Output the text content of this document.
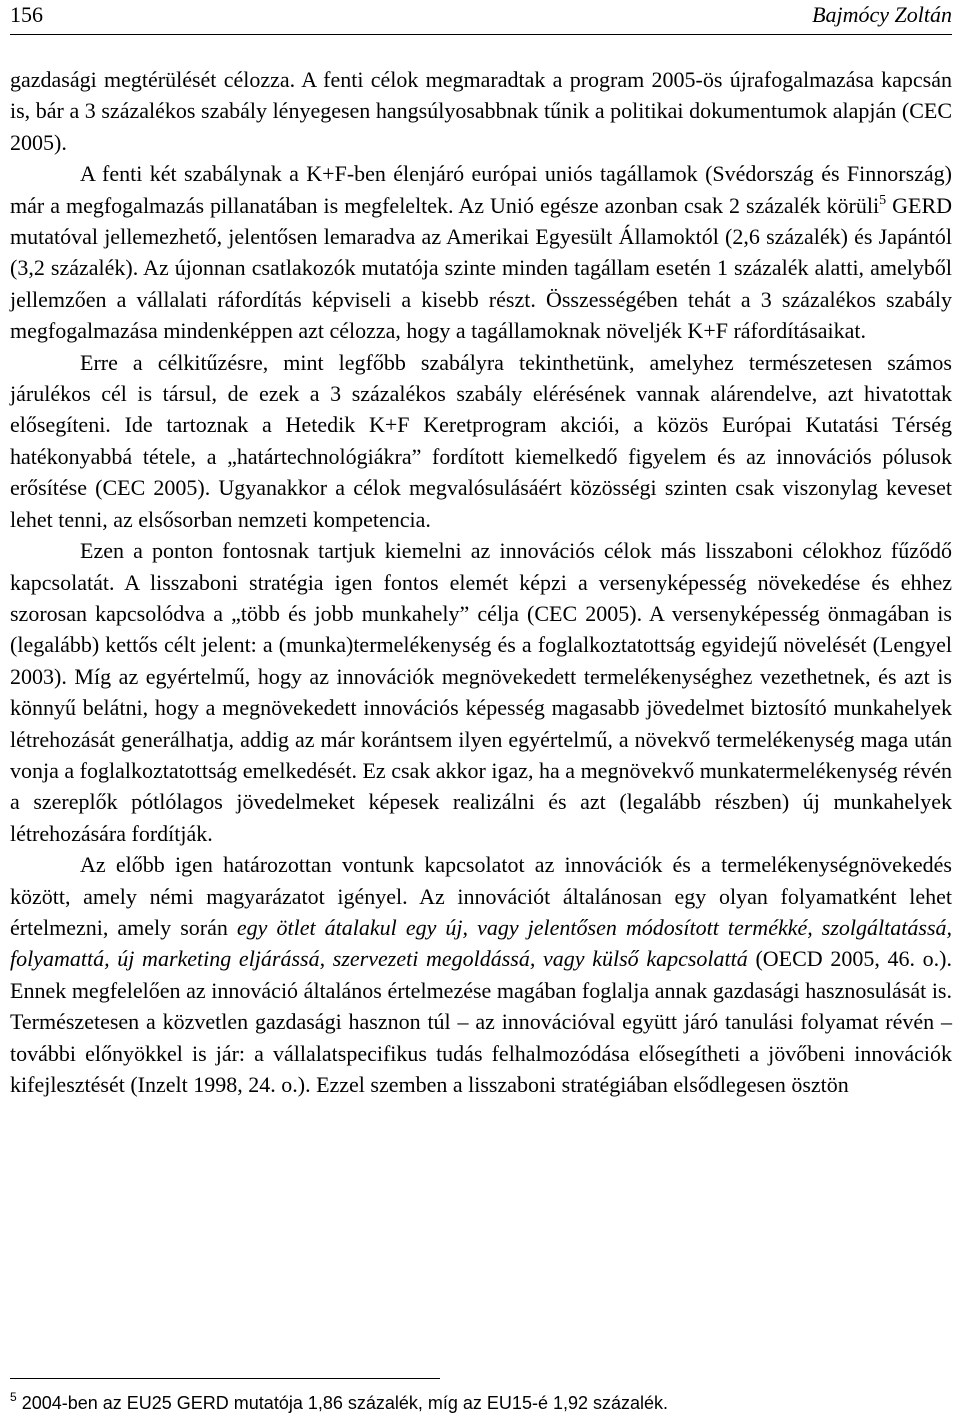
156	Bajmócy Zoltán

gazdasági megtérülését célozza. A fenti célok megmaradtak a program 2005-ös újrafogalmazása kapcsán is, bár a 3 százalékos szabály lényegesen hangsúlyosabbnak tűnik a politikai dokumentumok alapján (CEC 2005).

A fenti két szabálynak a K+F-ben élenjáró európai uniós tagállamok (Svédország és Finnország) már a megfogalmazás pillanatában is megfeleltek. Az Unió egésze azonban csak 2 százalék körüli$^5$ GERD mutatóval jellemezhető, jelentősen lemaradva az Amerikai Egyesült Államoktól (2,6 százalék) és Japántól (3,2 százalék). Az újonnan csatlakozók mutatója szinte minden tagállam esetén 1 százalék alatti, amelyből jellemzően a vállalati ráfordítás képviseli a kisebb részt. Összességében tehát a 3 százalékos szabály megfogalmazása mindenképpen azt célozza, hogy a tagállamoknak növeljék K+F ráfordításaikat.

Erre a célkitűzésre, mint legfőbb szabályra tekinthetünk, amelyhez természetesen számos járulékos cél is társul, de ezek a 3 százalékos szabály elérésének vannak alárendelve, azt hivatottak elősegíteni. Ide tartoznak a Hetedik K+F Keretprogram akciói, a közös Európai Kutatási Térség hatékonyabbá tétele, a „határtechnológiákra” fordított kiemelkedő figyelem és az innovációs pólusok erősítése (CEC 2005). Ugyanakkor a célok megvalósulásáért közösségi szinten csak viszonylag keveset lehet tenni, az elsősorban nemzeti kompetencia.

Ezen a ponton fontosnak tartjuk kiemelni az innovációs célok más lisszaboni célokhoz fűződő kapcsolatát. A lisszaboni stratégia igen fontos elemét képzi a versenyképesség növekedése és ehhez szorosan kapcsolódva a „több és jobb munkahely” célja (CEC 2005). A versenyképesség önmagában is (legalább) kettős célt jelent: a (munka)termelékenység és a foglalkoztatottság egyidejű növelését (Lengyel 2003). Míg az egyértelmű, hogy az innovációk megnövekedett termelékenységhez vezethetnek, és azt is könnyű belátni, hogy a megnövekedett innovációs képesség magasabb jövedelmet biztosító munkahelyek létrehozását generálhatja, addig az már korántsem ilyen egyértelmű, a növekvő termelékenység maga után vonja a foglalkoztatottság emelkedését. Ez csak akkor igaz, ha a megnövekvő munkatermelékenység révén a szereplők pótlólagos jövedelmeket képesek realizálni és azt (legalább részben) új munkahelyek létrehozására fordítják.

Az előbb igen határozottan vontunk kapcsolatot az innovációk és a termelékenységnövekedés között, amely némi magyarázatot igényel. Az innovációt általánosan egy olyan folyamatként lehet értelmezni, amely során egy ötlet átalakul egy új, vagy jelentősen módosított termékké, szolgáltatássá, folyamattá, új marketing eljárássá, szervezeti megoldássá, vagy külső kapcsolattá (OECD 2005, 46. o.). Ennek megfelelően az innováció általános értelmezése magában foglalja annak gazdasági hasznosulását is. Természetesen a közvetlen gazdasági hasznon túl – az innovációval együtt járó tanulási folyamat révén – további előnyökkel is jár: a vállalatspecifikus tudás felhalmozódása elősegítheti a jövőbeni innovációk kifejlesztését (Inzelt 1998, 24. o.). Ezzel szemben a lisszaboni stratégiában elsődlegesen ösztön

$^5$ 2004-ben az EU25 GERD mutatója 1,86 százalék, míg az EU15-é 1,92 százalék.
